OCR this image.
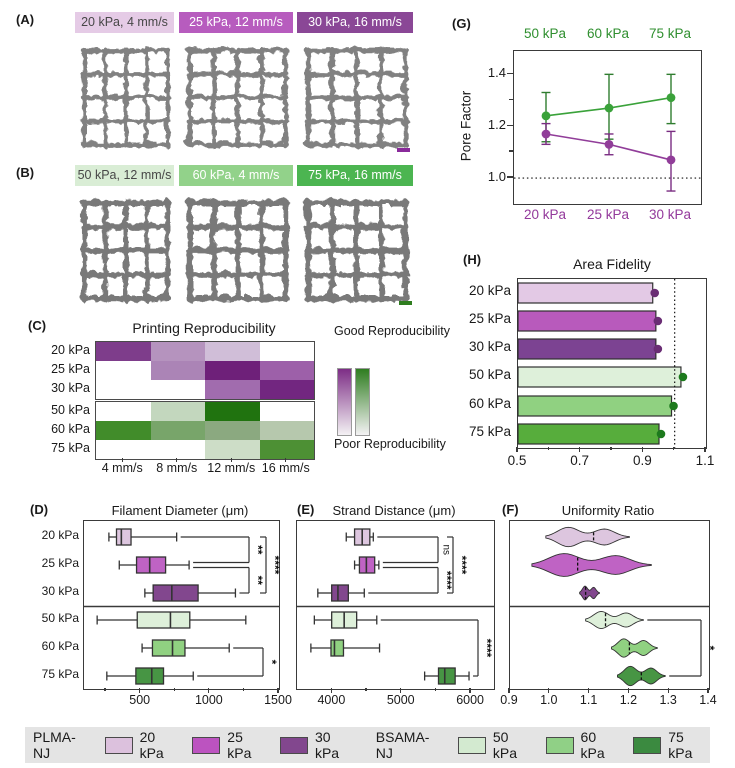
(A)	20 kPa, 4 mm/s	25 kPa, 12 mm/s	30 kPa, 16 mm/s
(B)	50 kPa, 12 mm/s	60 kPa, 4 mm/s	75 kPa, 16 mm/s
(C)	Printing Reproducibility	Good Reproducibility
Poor Reproducibility
20 kPa
25 kPa
30 kPa
50 kPa
60 kPa
75 kPa
4 mm/s 8 mm/s 12 mm/s 16 mm/s
(G)
Pore Factor
1.0
1.2
1.4
50 kPa 60 kPa 75 kPa
20 kPa 25 kPa 30 kPa
(H)	Area Fidelity
20 kPa
25 kPa
30 kPa
50 kPa
60 kPa
75 kPa
0.5	0.7	0.9	1.1
(D)	Filament Diameter (μm)
**
**
****
*
20 kPa
25 kPa
30 kPa
50 kPa
60 kPa
75 kPa
500	1000	1500
(E) Strand Distance (μm)
ns
****
****
****
4000	5000	6000
(F)	Uniformity Ratio
*
0.9 1.0 1.1 1.2 1.3 1.4
PLMA-NJ
20 kPa
25 kPa
30 kPa
BSAMA-NJ
50 kPa
60 kPa
75 kPa
